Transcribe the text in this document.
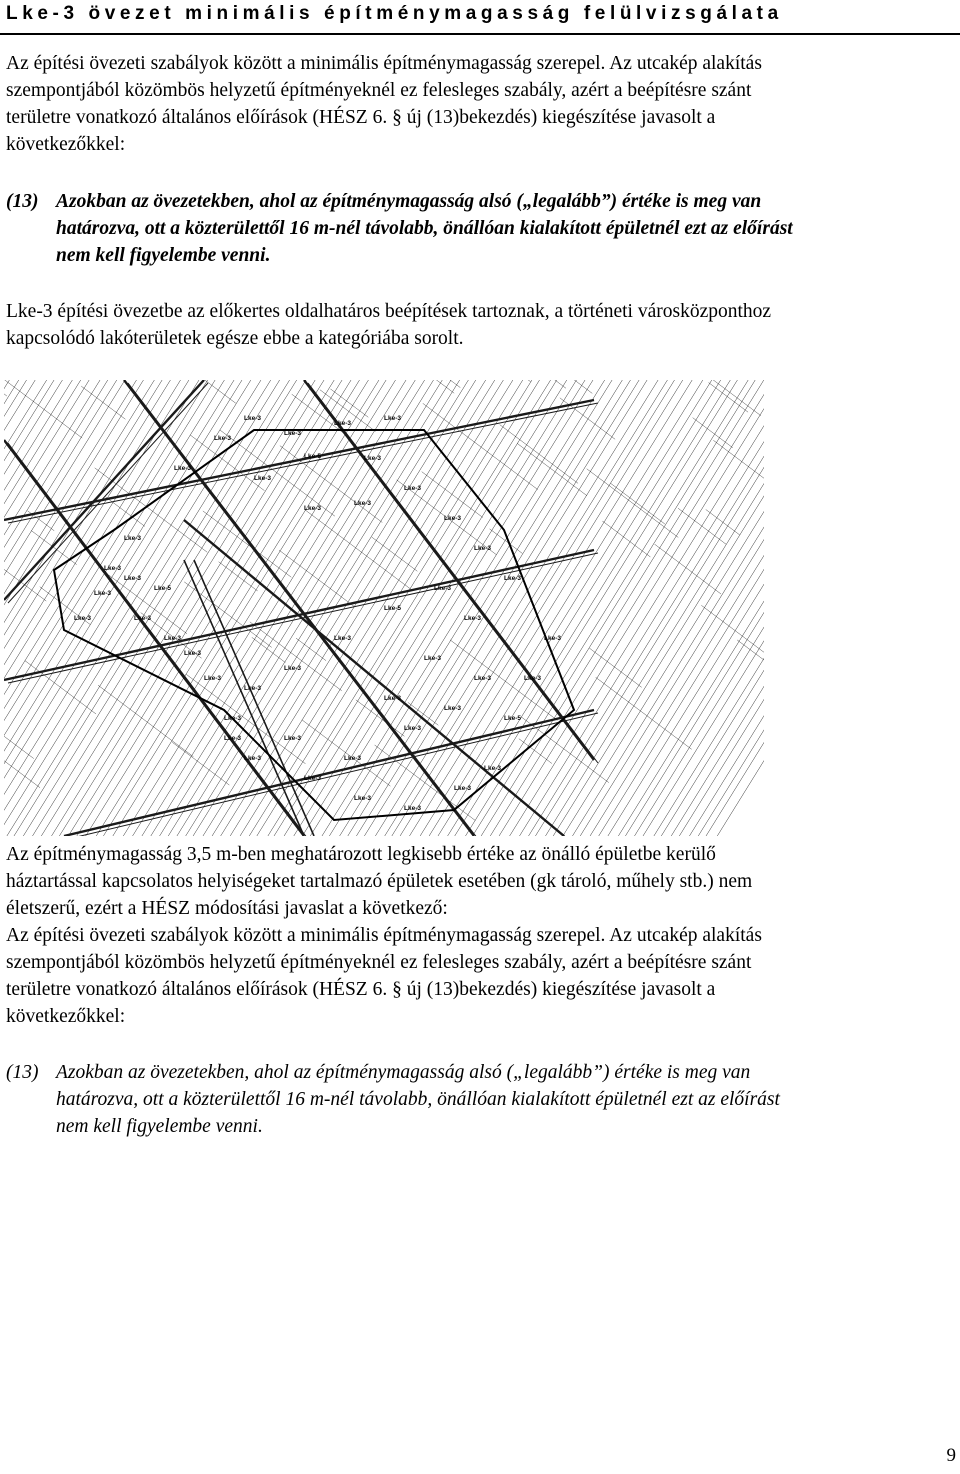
Lke-3 övezet minimális építménymagasság felülvizsgálata

Az építési övezeti szabályok között a minimális építménymagasság szerepel. Az utcakép alakítás
szempontjából közömbös helyzetű építményeknél ez felesleges szabály, azért a beépítésre szánt
területre vonatkozó általános előírások (HÉSZ 6. § új (13)bekezdés) kiegészítése javasolt a
következőkkel:

(13) Azokban az övezetekben, ahol az építménymagasság alsó („legalább”) értéke is meg van
határozva, ott a közterülettől 16 m-nél távolabb, önállóan kialakított épületnél ezt az előírást
nem kell figyelembe venni.

Lke-3 építési övezetbe az előkertes oldalhatáros beépítések tartoznak, a történeti városközponthoz
kapcsolódó lakóterületek egésze ebbe a kategóriába sorolt.

Lke-3
Lke-3
Lke-3
Lke-3
Lke-3
Lke-5
Lke-3
Lke-3
Lke-3
Lke-3
Lke-3
Lke-3
Lke-3
Lke-3
Lke-3
Lke-3
Lke-5
Lke-3
Lke-3
Lke-3
Lke-3
Lke-3
Lke-3
Lke-3
Lke-3
Lke-3
Lke-3
Lke-5
Lke-3
Lke-3
Lke-3
Lke-3
Lke-3
Lke-3
Lke-3
Lke-3
Lke-3	Lke-3
Lke-5
Lke-3
Lke-3
Lke-3
Lke-3	Lke-3
Lke-3
Lke-3
Lke-3
Lke-3
Lke-3

Az építménymagasság 3,5 m-ben meghatározott legkisebb értéke az önálló épületbe kerülő
háztartással kapcsolatos helyiségeket tartalmazó épületek esetében (gk tároló, műhely stb.) nem
életszerű, ezért a HÉSZ módosítási javaslat a következő:
Az építési övezeti szabályok között a minimális építménymagasság szerepel. Az utcakép alakítás
szempontjából közömbös helyzetű építményeknél ez felesleges szabály, azért a beépítésre szánt
területre vonatkozó általános előírások (HÉSZ 6. § új (13)bekezdés) kiegészítése javasolt a
következőkkel:

(13) Azokban az övezetekben, ahol az építménymagasság alsó („legalább”) értéke is meg van
határozva, ott a közterülettől 16 m-nél távolabb, önállóan kialakított épületnél ezt az előírást
nem kell figyelembe venni.
9
